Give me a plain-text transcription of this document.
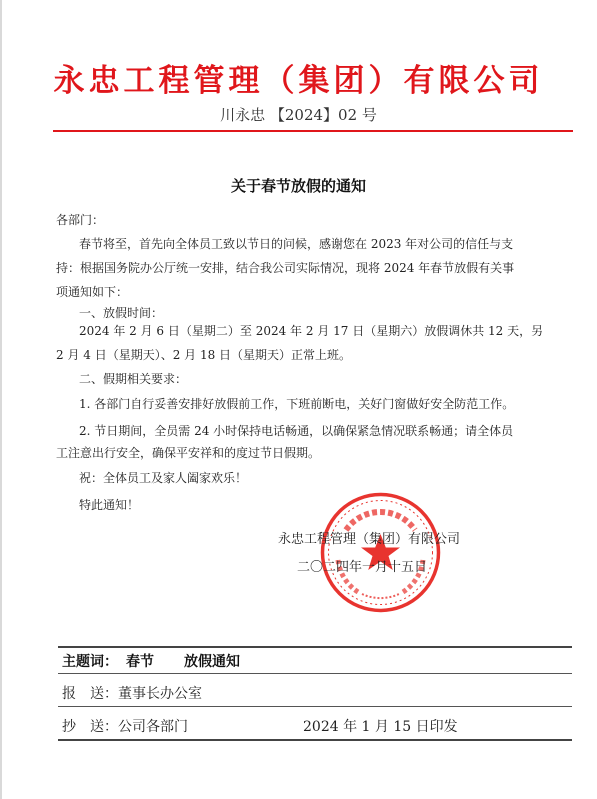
永忠工程管理（集团）有限公司
川永忠 【2024】02 号
关于春节放假的通知
各部门：
春节将至，首先向全体员工致以节日的问候，感谢您在 2023 年对公司的信任与支
持：根据国务院办公厅统一安排，结合我公司实际情况，现将 2024 年春节放假有关事
项通知如下：
一、放假时间：
2024 年 2 月 6 日（星期二）至 2024 年 2 月 17 日（星期六）放假调休共 12 天，另
2 月 4 日（星期天）、2 月 18 日（星期天）正常上班。
二、假期相关要求：
1. 各部门自行妥善安排好放假前工作，下班前断电，关好门窗做好安全防范工作。
2. 节日期间，全员需 24 小时保持电话畅通，以确保紧急情况联系畅通；请全体员
工注意出行安全，确保平安祥和的度过节日假期。
祝：全体员工及家人阖家欢乐！
特此通知！
永忠工程管理（集团）有限公司
二〇二四年一月十五日
主题词： 春节 放假通知
报　送：董事长办公室
抄　送：公司各部门	2024 年 1 月 15 日印发
